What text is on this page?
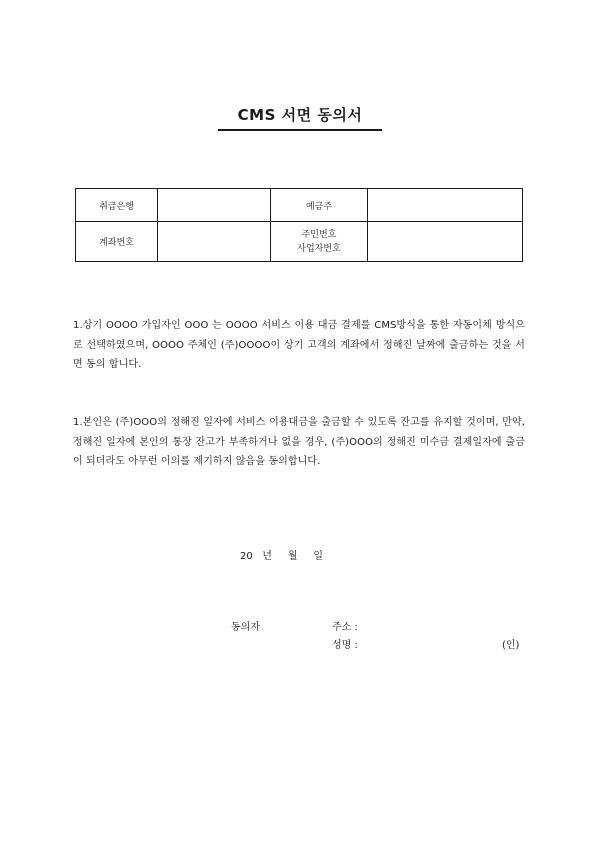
CMS 서면 동의서
취급은행		예금주	
계좌번호		주민번호
사업자번호	

1.상기 OOOO 가입자인 OOO 는 OOOO 서비스 이용 대금 결제를 CMS방식을 통한 자동이체 방식으로 선택하였으며, OOOO 주체인 (주)OOOO이 상기 고객의 계좌에서 정해진 날짜에 출금하는 것을 서면 동의 합니다.
1.본인은 (주)OOO의 정해진 일자에 서비스 이용대금을 출금할 수 있도록 잔고를 유지할 것이며, 만약, 정해진 일자에 본인의 통장 잔고가 부족하거나 없을 경우, (주)OOO의 정해진 미수금 결제일자에 출금이 되더라도 아무런 이의를 제기하지 않음을 동의합니다.
20   년     월     일
동의자	주소 :
성명 :	(인)
